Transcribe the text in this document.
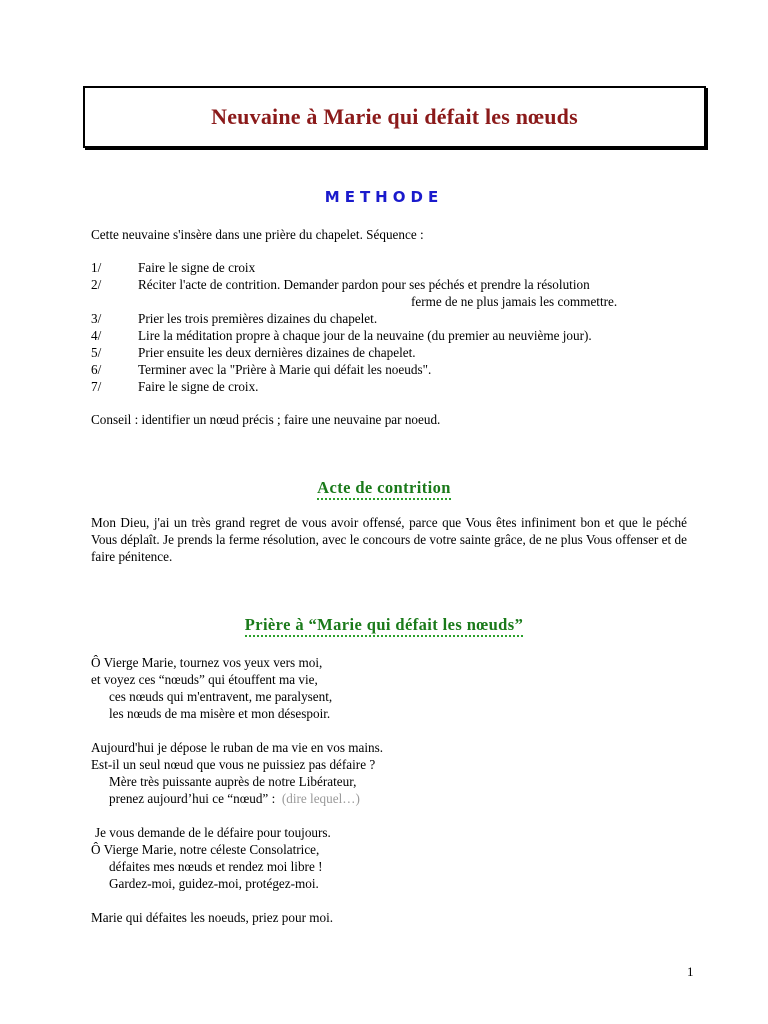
Neuvaine à Marie qui défait les nœuds
METHODE
Cette neuvaine s'insère dans une prière du chapelet. Séquence :
1/	Faire le signe de croix
2/	Réciter l'acte de contrition. Demander pardon pour ses péchés et prendre la résolution
ferme de ne plus jamais les commettre.
3/	Prier les trois premières dizaines du chapelet.
4/	Lire la méditation propre à chaque jour de la neuvaine (du premier au neuvième jour).
5/	Prier ensuite les deux dernières dizaines de chapelet.
6/	Terminer avec la "Prière à Marie qui défait les noeuds".
7/	Faire le signe de croix.
Conseil : identifier un nœud précis ; faire une neuvaine par noeud.
Acte de contrition
Mon Dieu, j'ai un très grand regret de vous avoir offensé, parce que Vous êtes infiniment bon et que le péché Vous déplaît. Je prends la ferme résolution, avec le concours de votre sainte grâce, de ne plus Vous offenser et de faire pénitence.
Prière à “Marie qui défait les nœuds”
Ô Vierge Marie, tournez vos yeux vers moi,
et voyez ces “nœuds” qui étouffent ma vie,
ces nœuds qui m'entravent, me paralysent,
les nœuds de ma misère et mon désespoir.
Aujourd'hui je dépose le ruban de ma vie en vos mains.
Est-il un seul nœud que vous ne puissiez pas défaire ?
Mère très puissante auprès de notre Libérateur,
prenez aujourd’hui ce “nœud” : (dire lequel…)
Je vous demande de le défaire pour toujours.
Ô Vierge Marie, notre céleste Consolatrice,
défaites mes nœuds et rendez moi libre !
Gardez-moi, guidez-moi, protégez-moi.
Marie qui défaites les noeuds, priez pour moi.
1
